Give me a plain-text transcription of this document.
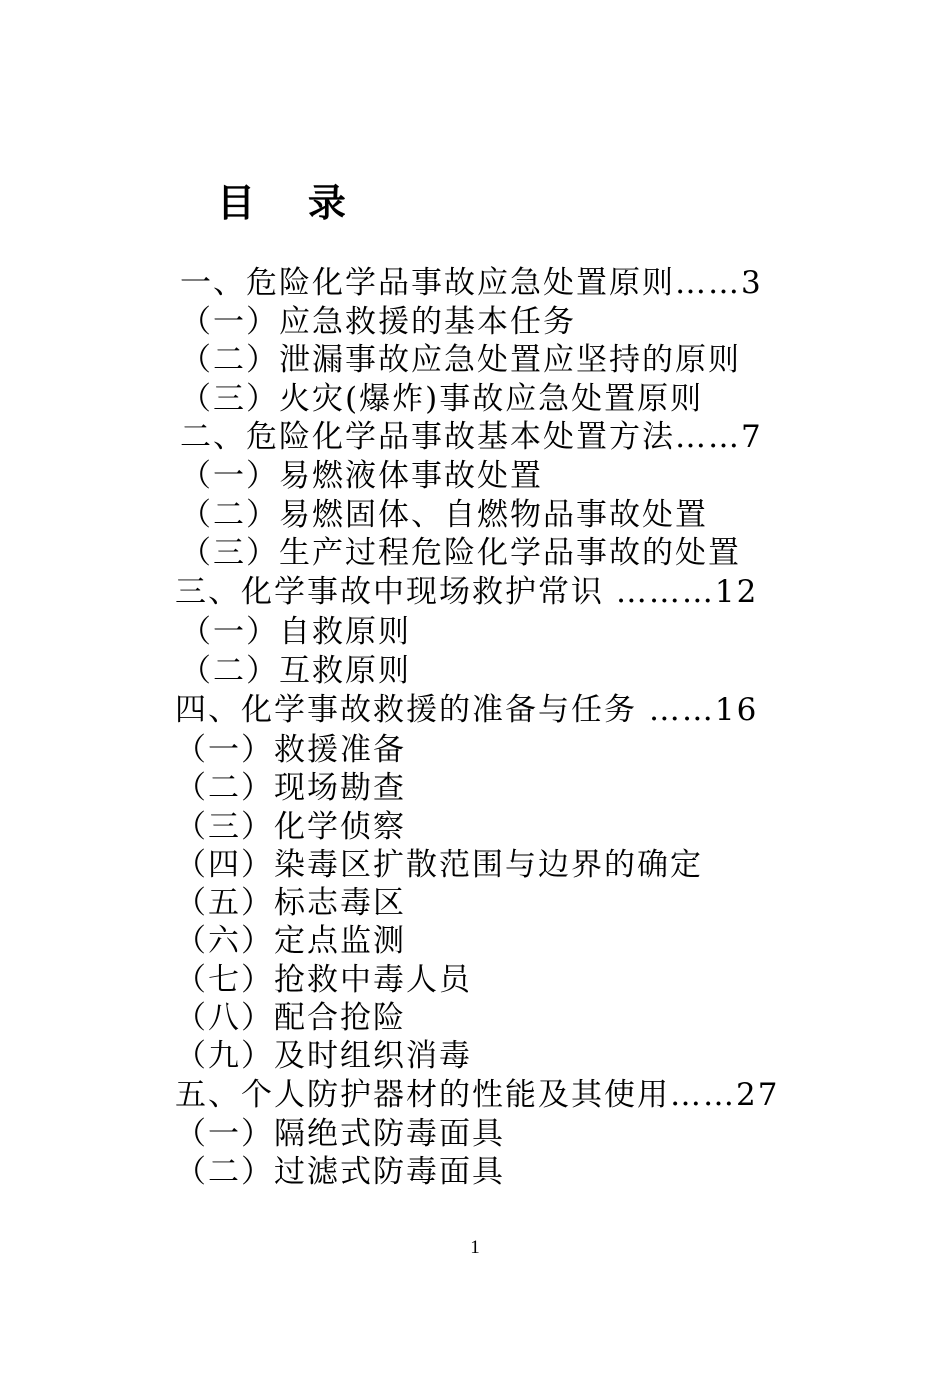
目    录
一、危险化学品事故应急处置原则……3
（一）应急救援的基本任务
（二）泄漏事故应急处置应坚持的原则
（三）火灾(爆炸)事故应急处置原则
二、危险化学品事故基本处置方法……7
（一）易燃液体事故处置
（二）易燃固体、自燃物品事故处置
（三）生产过程危险化学品事故的处置
三、化学事故中现场救护常识 ………12
（一）自救原则
（二）互救原则
四、化学事故救援的准备与任务 ……16
（一）救援准备
（二）现场勘查
（三）化学侦察
（四）染毒区扩散范围与边界的确定
（五）标志毒区
（六）定点监测
（七）抢救中毒人员
（八）配合抢险
（九）及时组织消毒
五、个人防护器材的性能及其使用……27
（一）隔绝式防毒面具
（二）过滤式防毒面具
1
